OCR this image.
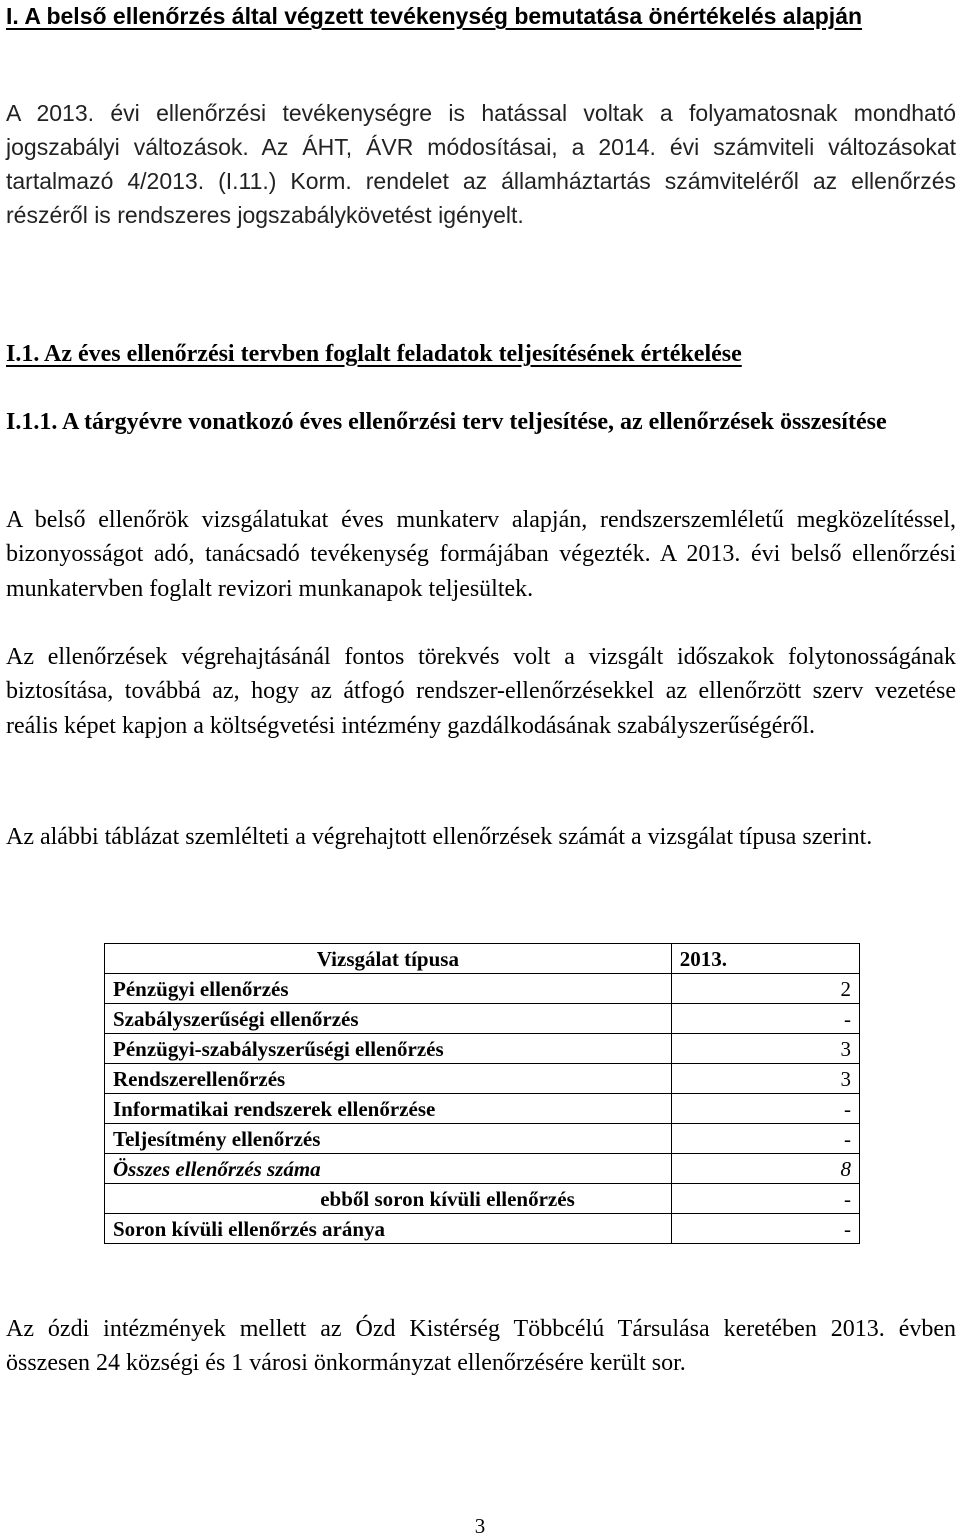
I. A belső ellenőrzés által végzett tevékenység bemutatása önértékelés alapján
A 2013. évi ellenőrzési tevékenységre is hatással voltak a folyamatosnak mondható jogszabályi változások. Az ÁHT, ÁVR módosításai, a 2014. évi számviteli változásokat tartalmazó 4/2013. (I.11.) Korm. rendelet az államháztartás számviteléről az ellenőrzés részéről is rendszeres jogszabálykövetést igényelt.
I.1. Az éves ellenőrzési tervben foglalt feladatok teljesítésének értékelése
I.1.1. A tárgyévre vonatkozó éves ellenőrzési terv teljesítése, az ellenőrzések összesítése

A belső ellenőrök vizsgálatukat éves munkaterv alapján, rendszerszemléletű megközelítéssel, bizonyosságot adó, tanácsadó tevékenység formájában végezték. A 2013. évi belső ellenőrzési munkatervben foglalt revizori munkanapok teljesültek.

Az ellenőrzések végrehajtásánál fontos törekvés volt a vizsgált időszakok folytonosságának biztosítása, továbbá az, hogy az átfogó rendszer-ellenőrzésekkel az ellenőrzött szerv vezetése reális képet kapjon a költségvetési intézmény gazdálkodásának szabályszerűségéről.

Az alábbi táblázat szemlélteti a végrehajtott ellenőrzések számát a vizsgálat típusa szerint.

Vizsgálat típusa	2013.
Pénzügyi ellenőrzés	2
Szabályszerűségi ellenőrzés	-
Pénzügyi-szabályszerűségi ellenőrzés	3
Rendszerellenőrzés	3
Informatikai rendszerek ellenőrzése	-
Teljesítmény ellenőrzés	-
Összes ellenőrzés száma	8
ebből soron kívüli ellenőrzés	-
Soron kívüli ellenőrzés aránya	-

Az ózdi intézmények mellett az Ózd Kistérség Többcélú Társulása keretében 2013. évben összesen 24 községi és 1 városi önkormányzat ellenőrzésére került sor.

3
